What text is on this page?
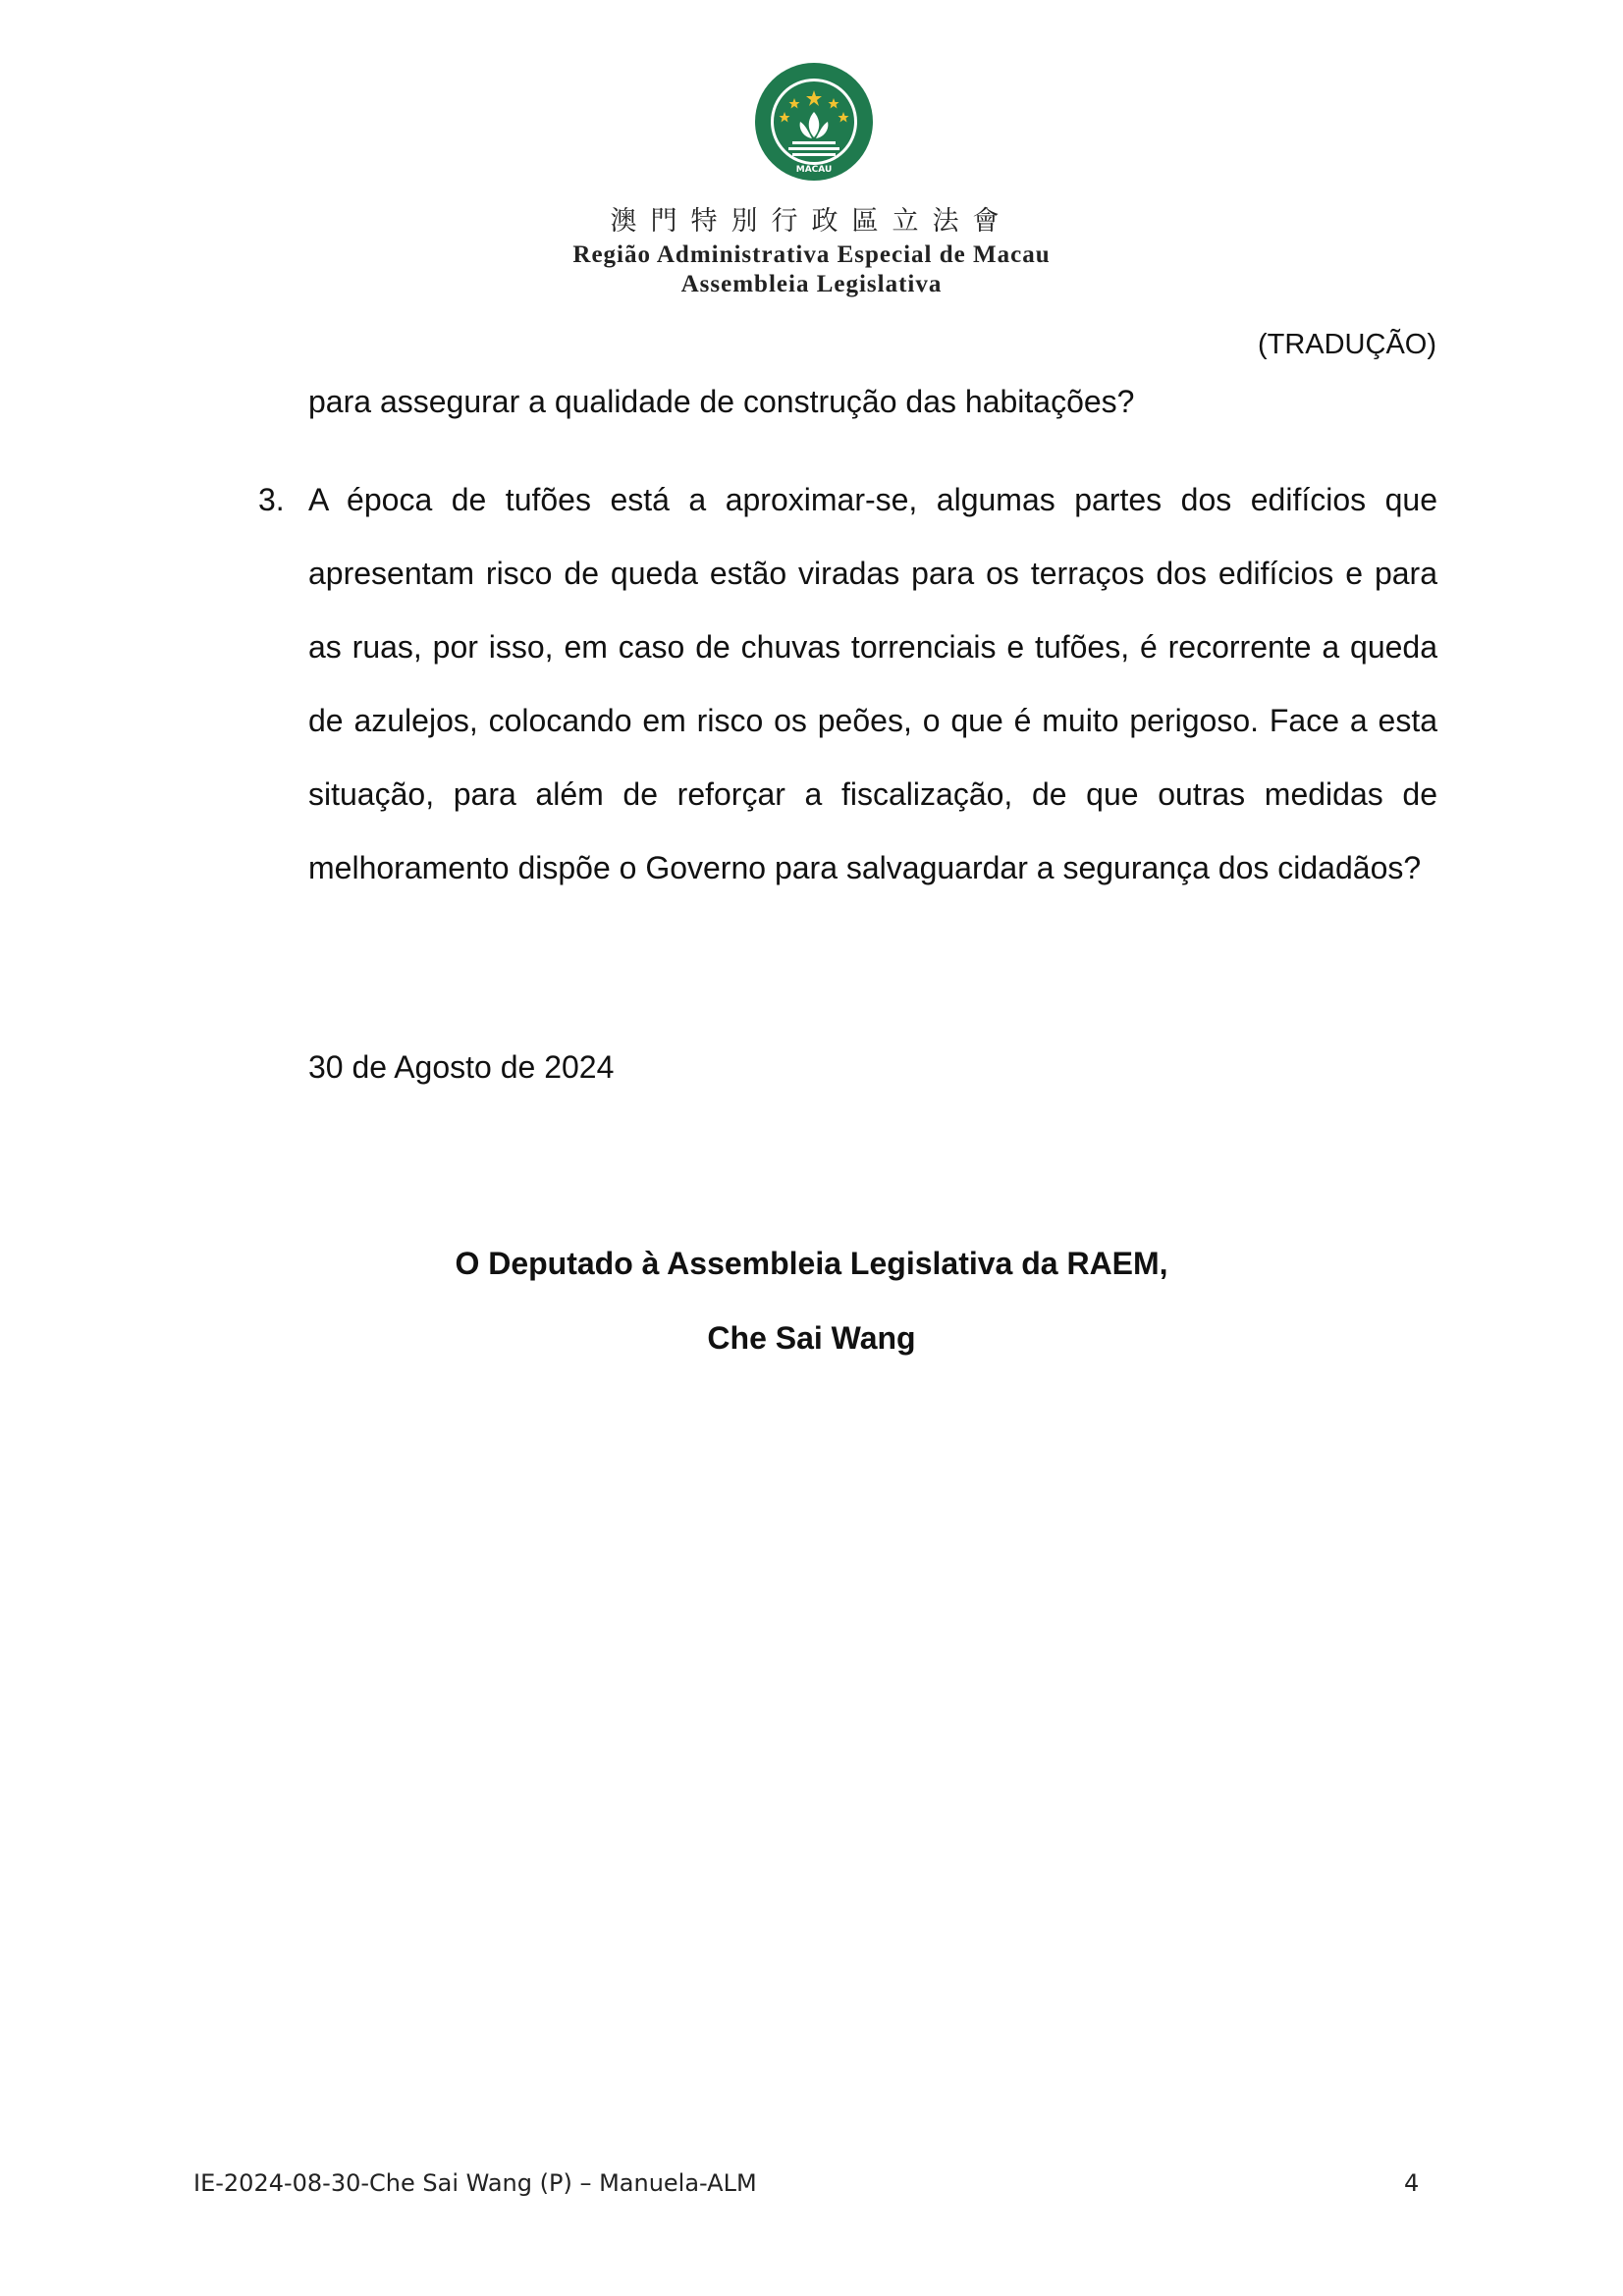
MACAU
澳門特別行政區立法會
Região Administrativa Especial de Macau
Assembleia Legislativa
(TRADUÇÃO)
para assegurar a qualidade de construção das habitações?
3. A época de tufões está a aproximar-se, algumas partes dos edifícios que apresentam risco de queda estão viradas para os terraços dos edifícios e para as ruas, por isso, em caso de chuvas torrenciais e tufões, é recorrente a queda de azulejos, colocando em risco os peões, o que é muito perigoso. Face a esta situação, para além de reforçar a fiscalização, de que outras medidas de melhoramento dispõe o Governo para salvaguardar a segurança dos cidadãos?
30 de Agosto de 2024
O Deputado à Assembleia Legislativa da RAEM,
Che Sai Wang
IE-2024-08-30-Che Sai Wang (P) – Manuela-ALM	4
